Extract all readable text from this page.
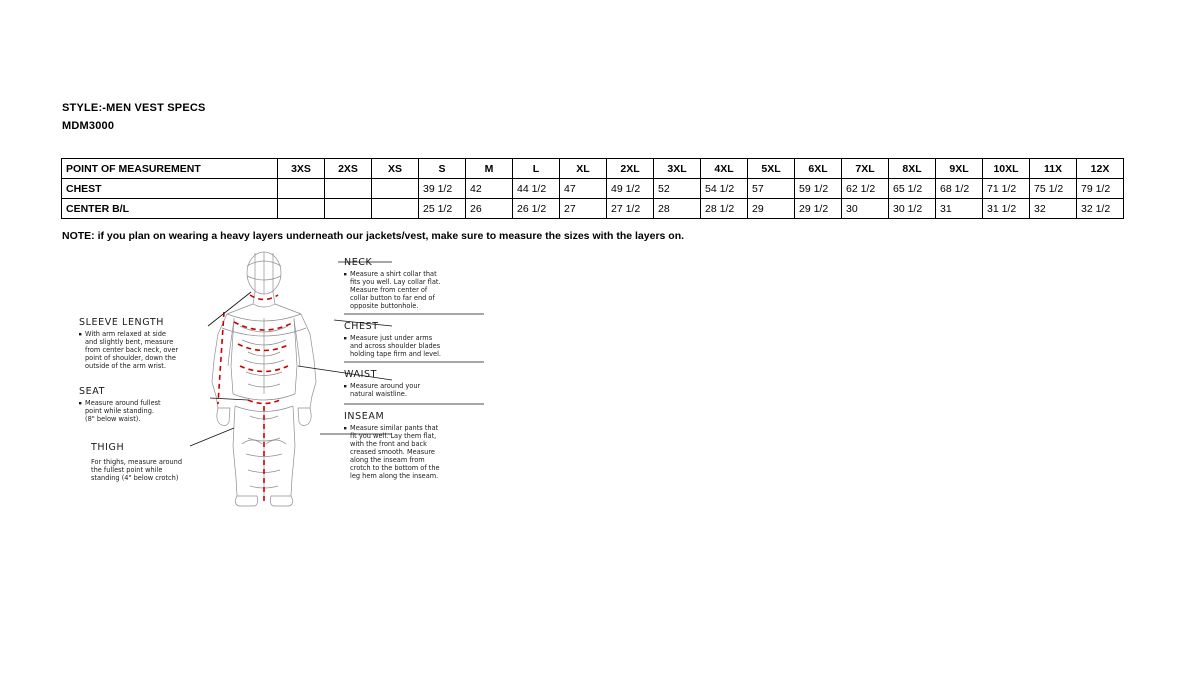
STYLE:-MEN VEST SPECS
MDM3000
POINT OF MEASUREMENT	3XS	2XS	XS	S	M	L	XL	2XL	3XL	4XL	5XL	6XL	7XL	8XL	9XL	10XL	11X	12X
CHEST				39 1/2	42	44 1/2	47	49 1/2	52	54 1/2	57	59 1/2	62 1/2	65 1/2	68 1/2	71 1/2	75 1/2	79 1/2
CENTER B/L				25 1/2	26	26 1/2	27	27 1/2	28	28 1/2	29	29 1/2	30	30 1/2	31	31 1/2	32	32 1/2
NOTE: if you plan on wearing a heavy layers underneath our jackets/vest, make sure to measure the sizes with the layers on.
SLEEVE LENGTH
With arm relaxed at side
and slightly bent, measure
from center back neck, over
point of shoulder, down the
outside of the arm wrist.
SEAT
Measure around fullest
point while standing.
(8" below waist).
THIGH
For thighs, measure around
the fullest point while
standing (4" below crotch)
NECK
Measure a shirt collar that
fits you well. Lay collar flat.
Measure from center of
collar button to far end of
opposite buttonhole.
CHEST
Measure just under arms
and across shoulder blades
holding tape firm and level.
WAIST
Measure around your
natural waistline.
INSEAM
Measure similar pants that
fit you well. Lay them flat,
with the front and back
creased smooth. Measure
along the inseam from
crotch to the bottom of the
leg hem along the inseam.
